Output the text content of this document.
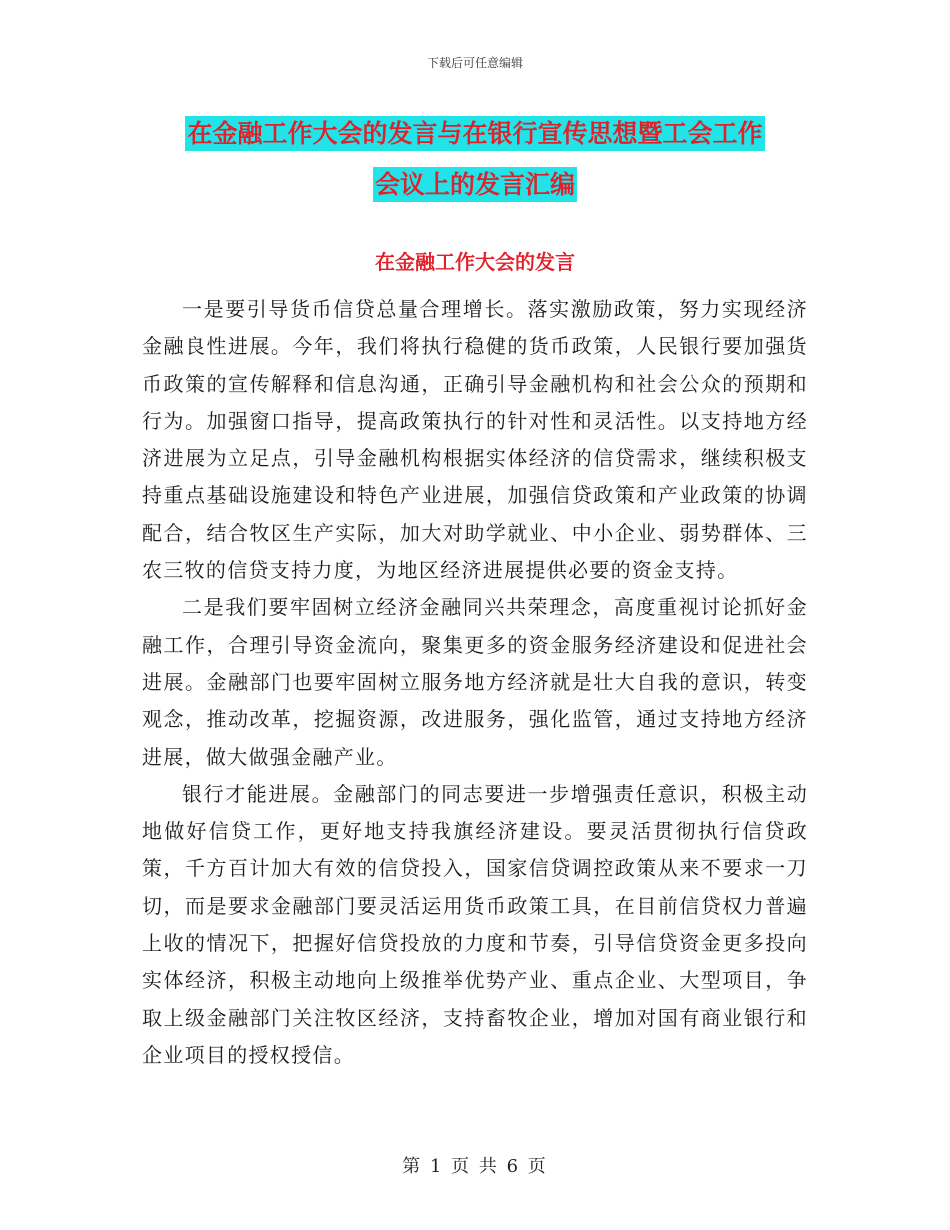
下载后可任意编辑
在金融工作大会的发言与在银行宣传思想暨工会工作
会议上的发言汇编
在金融工作大会的发言

一是要引导货币信贷总量合理增长。落实激励政策，努力实现经济金融良性进展。今年，我们将执行稳健的货币政策，人民银行要加强货币政策的宣传解释和信息沟通，正确引导金融机构和社会公众的预期和行为。加强窗口指导，提高政策执行的针对性和灵活性。以支持地方经济进展为立足点，引导金融机构根据实体经济的信贷需求，继续积极支持重点基础设施建设和特色产业进展，加强信贷政策和产业政策的协调配合，结合牧区生产实际，加大对助学就业、中小企业、弱势群体、三农三牧的信贷支持力度，为地区经济进展提供必要的资金支持。

二是我们要牢固树立经济金融同兴共荣理念，高度重视讨论抓好金融工作，合理引导资金流向，聚集更多的资金服务经济建设和促进社会进展。金融部门也要牢固树立服务地方经济就是壮大自我的意识，转变观念，推动改革，挖掘资源，改进服务，强化监管，通过支持地方经济进展，做大做强金融产业。

银行才能进展。金融部门的同志要进一步增强责任意识，积极主动地做好信贷工作，更好地支持我旗经济建设。要灵活贯彻执行信贷政策，千方百计加大有效的信贷投入，国家信贷调控政策从来不要求一刀切，而是要求金融部门要灵活运用货币政策工具，在目前信贷权力普遍上收的情况下，把握好信贷投放的力度和节奏，引导信贷资金更多投向实体经济，积极主动地向上级推举优势产业、重点企业、大型项目，争取上级金融部门关注牧区经济，支持畜牧企业，增加对国有商业银行和企业项目的授权授信。

第 1 页 共 6 页
